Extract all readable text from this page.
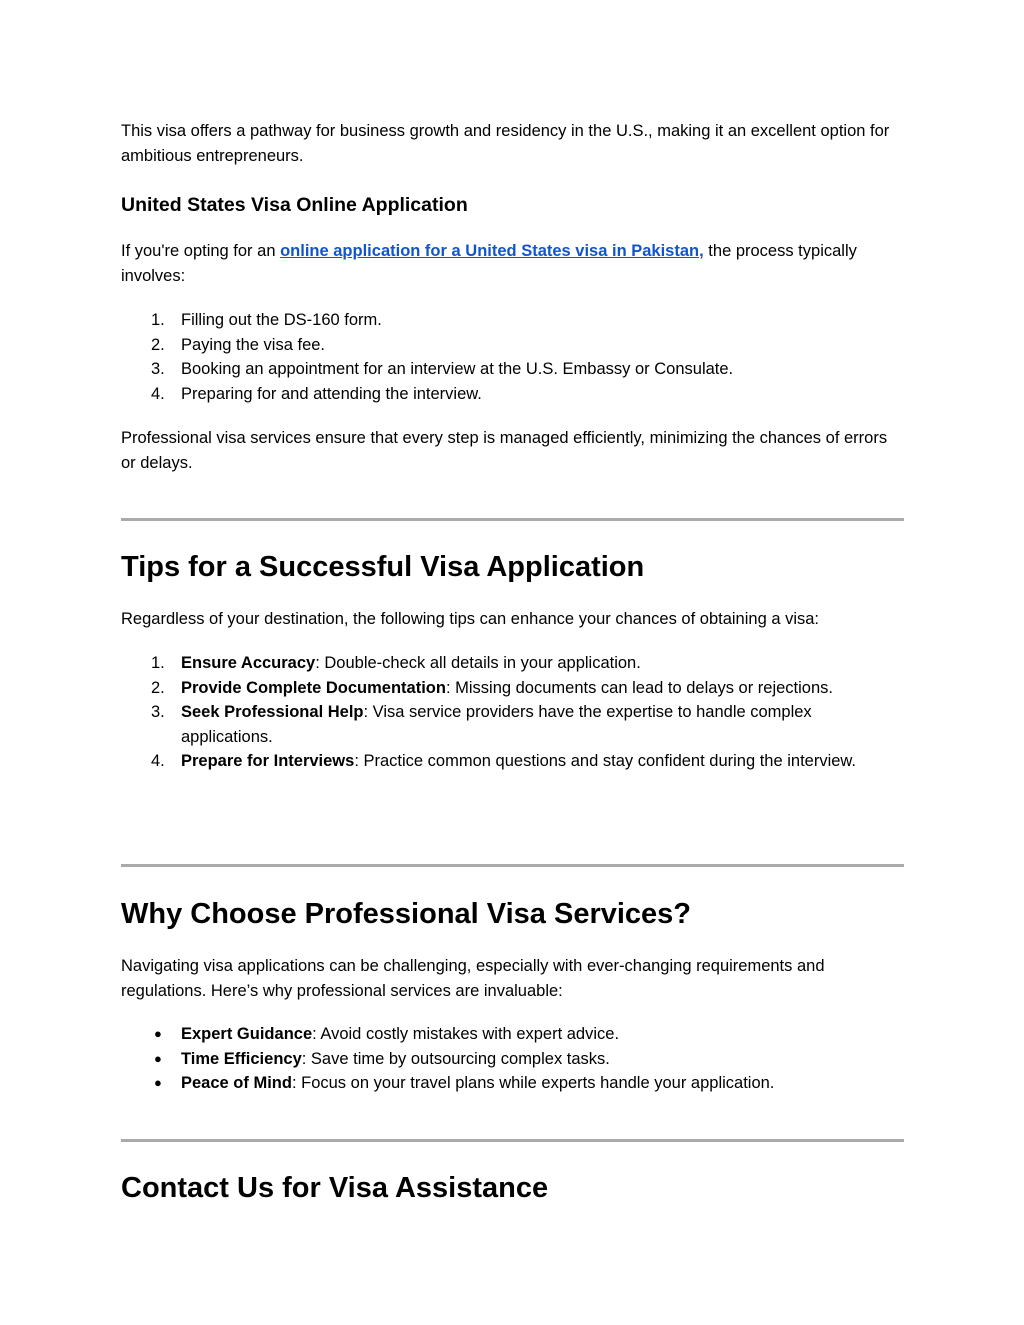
This visa offers a pathway for business growth and residency in the U.S., making it an excellent option for ambitious entrepreneurs.

United States Visa Online Application

If you're opting for an online application for a United States visa in Pakistan, the process typically involves:

1. Filling out the DS-160 form.
2. Paying the visa fee.
3. Booking an appointment for an interview at the U.S. Embassy or Consulate.
4. Preparing for and attending the interview.

Professional visa services ensure that every step is managed efficiently, minimizing the chances of errors or delays.

Tips for a Successful Visa Application

Regardless of your destination, the following tips can enhance your chances of obtaining a visa:

1. Ensure Accuracy: Double-check all details in your application.
2. Provide Complete Documentation: Missing documents can lead to delays or rejections.
3. Seek Professional Help: Visa service providers have the expertise to handle complex applications.
4. Prepare for Interviews: Practice common questions and stay confident during the interview.
Why Choose Professional Visa Services?

Navigating visa applications can be challenging, especially with ever-changing requirements and regulations. Here’s why professional services are invaluable:

● Expert Guidance: Avoid costly mistakes with expert advice.
● Time Efficiency: Save time by outsourcing complex tasks.
● Peace of Mind: Focus on your travel plans while experts handle your application.
Contact Us for Visa Assistance
